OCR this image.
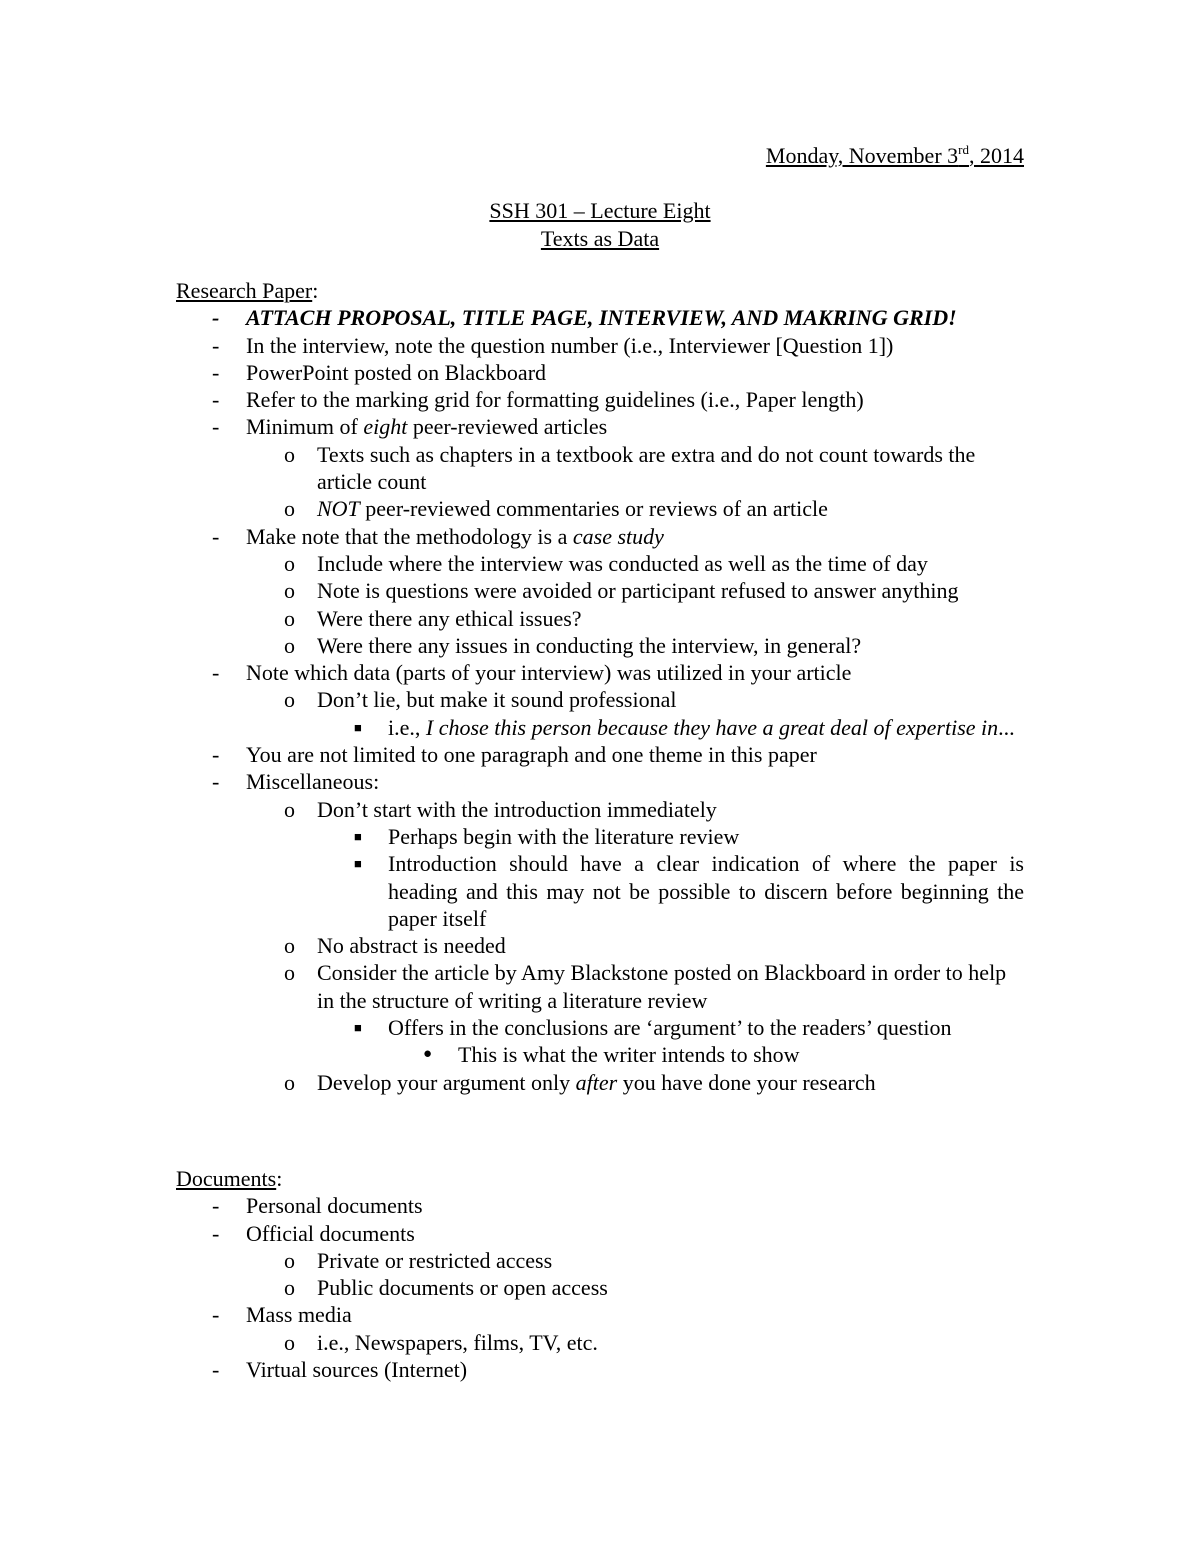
Monday, November 3rd, 2014
SSH 301 – Lecture Eight
Texts as Data
Research Paper:
- ATTACH PROPOSAL, TITLE PAGE, INTERVIEW, AND MAKRING GRID!
- In the interview, note the question number (i.e., Interviewer [Question 1])
- PowerPoint posted on Blackboard
- Refer to the marking grid for formatting guidelines (i.e., Paper length)
- Minimum of eight peer-reviewed articles
o Texts such as chapters in a textbook are extra and do not count towards the article count
o NOT peer-reviewed commentaries or reviews of an article
- Make note that the methodology is a case study
o Include where the interview was conducted as well as the time of day
o Note is questions were avoided or participant refused to answer anything
o Were there any ethical issues?
o Were there any issues in conducting the interview, in general?
- Note which data (parts of your interview) was utilized in your article
o Don’t lie, but make it sound professional
■ i.e., I chose this person because they have a great deal of expertise in...
- You are not limited to one paragraph and one theme in this paper
- Miscellaneous:
o Don’t start with the introduction immediately
■ Perhaps begin with the literature review
■ Introduction should have a clear indication of where the paper is heading and this may not be possible to discern before beginning the paper itself
o No abstract is needed
o Consider the article by Amy Blackstone posted on Blackboard in order to help in the structure of writing a literature review
■ Offers in the conclusions are ‘argument’ to the readers’ question
● This is what the writer intends to show
o Develop your argument only after you have done your research
Documents:
- Personal documents
- Official documents
o Private or restricted access
o Public documents or open access
- Mass media
o i.e., Newspapers, films, TV, etc.
- Virtual sources (Internet)
